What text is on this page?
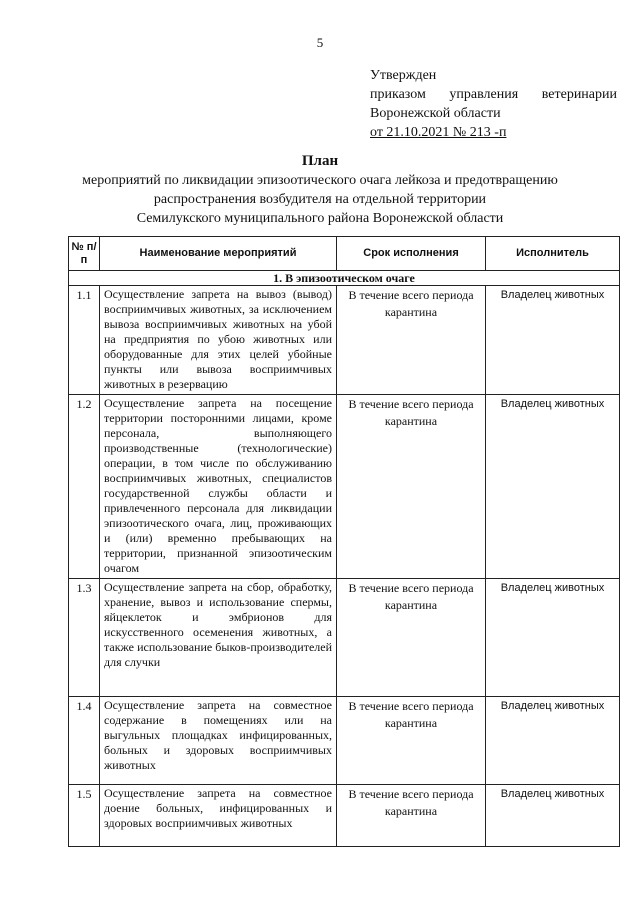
5
Утвержден
приказом управления ветеринарии
Воронежской области
от 21.10.2021 № 213 -п
План
мероприятий по ликвидации эпизоотического очага лейкоза и предотвращению
распространения возбудителя на отдельной территории
Семилукского муниципального района Воронежской области
№ п/п	Наименование мероприятий	Срок исполнения	Исполнитель
1. В эпизоотическом очаге			
1.1	Осуществление запрета на вывоз (вывод) восприимчивых животных, за исключением вывоза восприимчивых животных на убой на предприятия по убою животных или оборудованные для этих целей убойные пункты или вывоза восприимчивых животных в резервацию	В течение всего периода карантина	Владелец животных
1.2	Осуществление запрета на посещение территории посторонними лицами, кроме персонала, выполняющего производственные (технологические) операции, в том числе по обслуживанию восприимчивых животных, специалистов государственной службы области и привлеченного персонала для ликвидации эпизоотического очага, лиц, проживающих и (или) временно пребывающих на территории, признанной эпизоотическим очагом	В течение всего периода карантина	Владелец животных
1.3	Осуществление запрета на сбор, обработку, хранение, вывоз и использование спермы, яйцеклеток и эмбрионов для искусственного осеменения животных, а также использование быков-производителей для случки	В течение всего периода карантина	Владелец животных
1.4	Осуществление запрета на совместное содержание в помещениях или на выгульных площадках инфицированных, больных и здоровых восприимчивых животных	В течение всего периода карантина	Владелец животных
1.5	Осуществление запрета на совместное доение больных, инфицированных и здоровых восприимчивых животных	В течение всего периода карантина	Владелец животных
